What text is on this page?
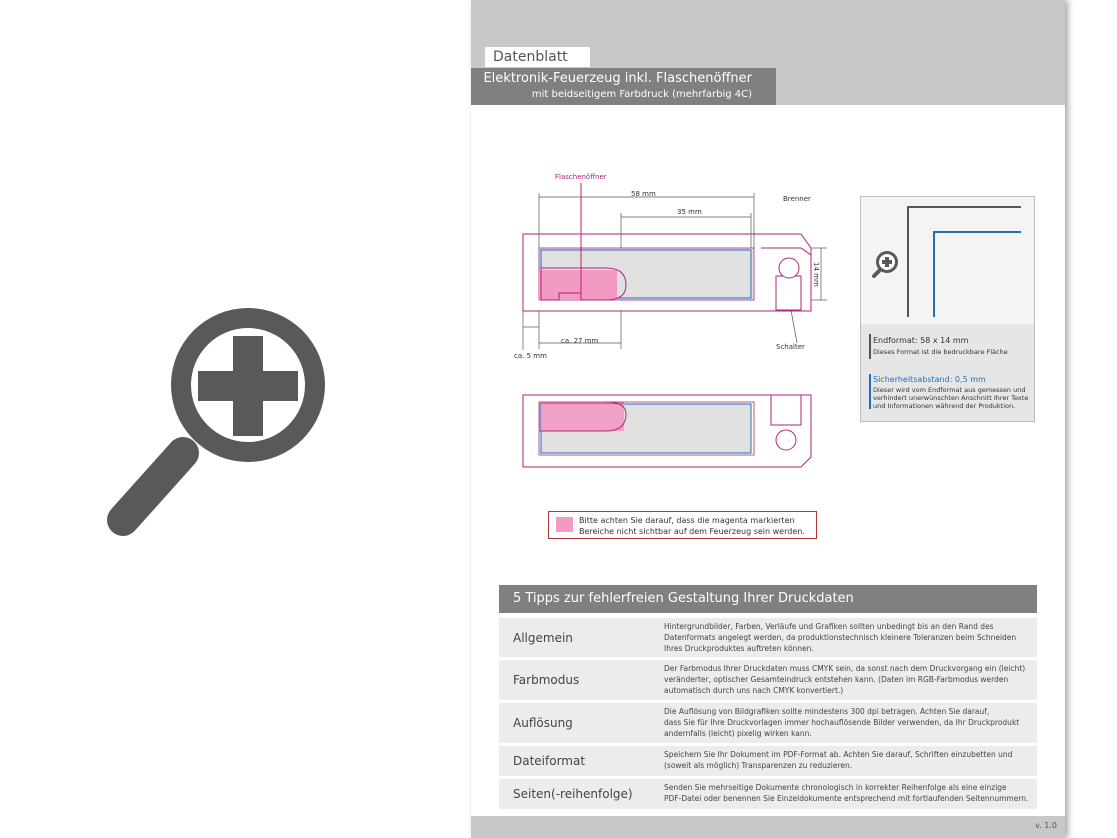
Datenblatt
Elektronik-Feuerzeug inkl. Flaschenöffner
mit beidseitigem Farbdruck (mehrfarbig 4C)
Flaschenöffner
58 mm
35 mm
Brenner
14 mm
ca. 27 mm
ca. 5 mm
Schalter
Endformat: 58 x 14 mm
Dieses Format ist die bedruckbare Fläche
Sicherheitsabstand: 0,5 mm
Dieser wird vom Endformat aus gemessen und
verhindert unerwünschten Anschnitt Ihrer Texte
und Informationen während der Produktion.
Bitte achten Sie darauf, dass die magenta markierten
Bereiche nicht sichtbar auf dem Feuerzeug sein werden.
5 Tipps zur fehlerfreien Gestaltung Ihrer Druckdaten
Allgemein
Hintergrundbilder, Farben, Verläufe und Grafiken sollten unbedingt bis an den Rand des
Datenformats angelegt werden, da produktionstechnisch kleinere Toleranzen beim Schneiden
Ihres Druckproduktes auftreten können.
Farbmodus
Der Farbmodus Ihrer Druckdaten muss CMYK sein, da sonst nach dem Druckvorgang ein (leicht)
veränderter, optischer Gesamteindruck entstehen kann. (Daten im RGB-Farbmodus werden
automatisch durch uns nach CMYK konvertiert.)
Auflösung
Die Auflösung von Bildgrafiken sollte mindestens 300 dpi betragen. Achten Sie darauf,
dass Sie für Ihre Druckvorlagen immer hochauflösende Bilder verwenden, da Ihr Druckprodukt
andernfalls (leicht) pixelig wirken kann.
Dateiformat	Speichern Sie Ihr Dokument im PDF-Format ab. Achten Sie darauf, Schriften einzubetten und
(soweit als möglich) Transparenzen zu reduzieren.
Seiten(-reihenfolge)	Senden Sie mehrseitige Dokumente chronologisch in korrekter Reihenfolge als eine einzige
PDF-Datei oder benennen Sie Einzeldokumente entsprechend mit fortlaufenden Seitennummern.
v. 1.0
